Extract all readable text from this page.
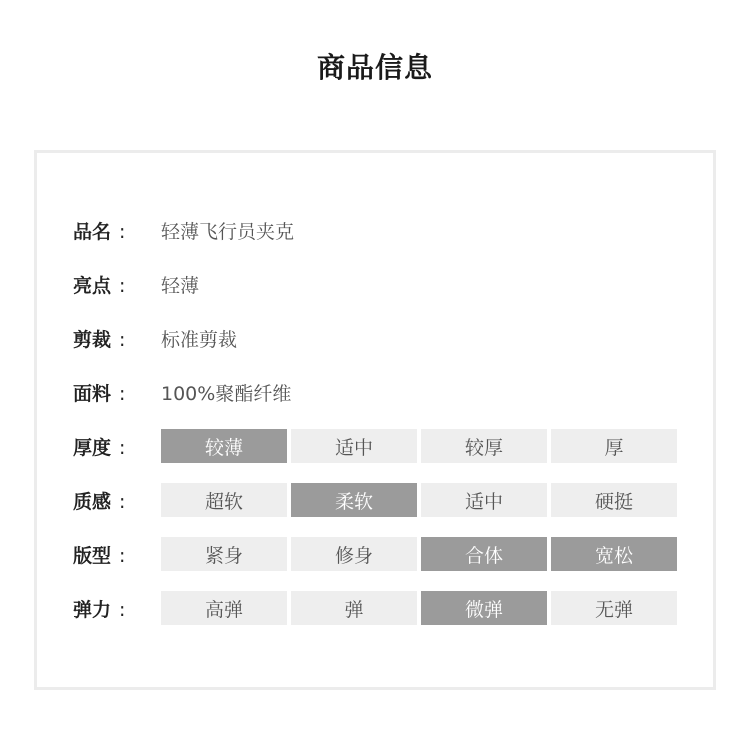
商品信息
品名 :	轻薄飞行员夹克
亮点 :	轻薄
剪裁 :	标准剪裁
面料 :	100%聚酯纤维
厚度 :	较薄	适中	较厚	厚
质感 :	超软	柔软	适中	硬挺
版型 :	紧身	修身	合体	宽松
弹力 :	高弹	弹	微弹	无弹
